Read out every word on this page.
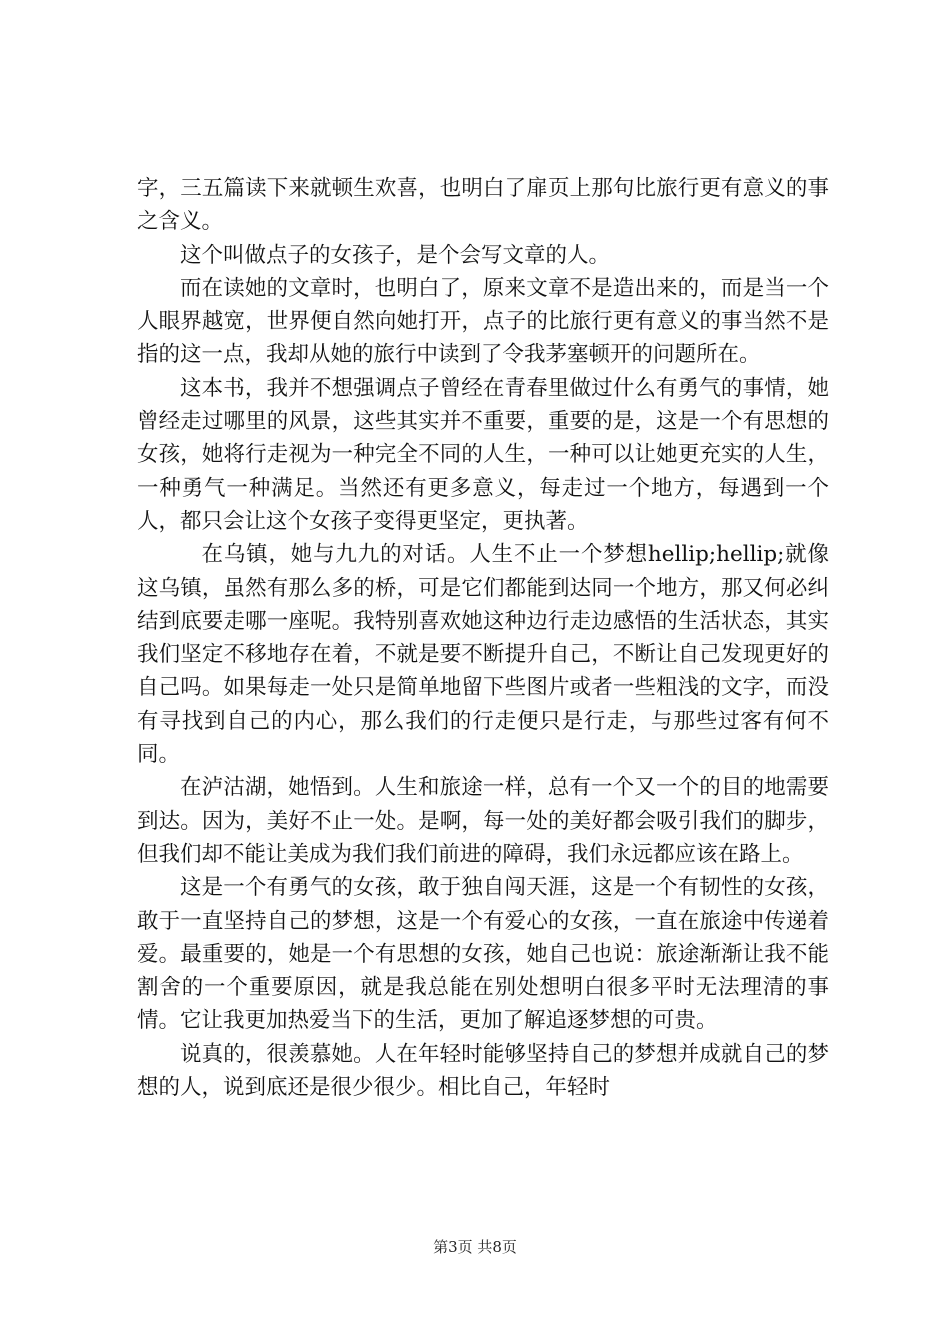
字，三五篇读下来就顿生欢喜，也明白了扉页上那句比旅行更有意义的事之含义。

这个叫做点子的女孩子，是个会写文章的人。

而在读她的文章时，也明白了，原来文章不是造出来的，而是当一个人眼界越宽，世界便自然向她打开，点子的比旅行更有意义的事当然不是指的这一点，我却从她的旅行中读到了令我茅塞顿开的问题所在。

这本书，我并不想强调点子曾经在青春里做过什么有勇气的事情，她曾经走过哪里的风景，这些其实并不重要，重要的是，这是一个有思想的女孩，她将行走视为一种完全不同的人生，一种可以让她更充实的人生，一种勇气一种满足。当然还有更多意义，每走过一个地方，每遇到一个人，都只会让这个女孩子变得更坚定，更执著。

在乌镇，她与九九的对话。人生不止一个梦想hellip;hellip;就像这乌镇，虽然有那么多的桥，可是它们都能到达同一个地方，那又何必纠结到底要走哪一座呢。我特别喜欢她这种边行走边感悟的生活状态，其实我们坚定不移地存在着，不就是要不断提升自己，不断让自己发现更好的自己吗。如果每走一处只是简单地留下些图片或者一些粗浅的文字，而没有寻找到自己的内心，那么我们的行走便只是行走，与那些过客有何不同。

在泸沽湖，她悟到。人生和旅途一样，总有一个又一个的目的地需要到达。因为，美好不止一处。是啊，每一处的美好都会吸引我们的脚步，但我们却不能让美成为我们我们前进的障碍，我们永远都应该在路上。

这是一个有勇气的女孩，敢于独自闯天涯，这是一个有韧性的女孩，敢于一直坚持自己的梦想，这是一个有爱心的女孩，一直在旅途中传递着爱。最重要的，她是一个有思想的女孩，她自己也说：旅途渐渐让我不能割舍的一个重要原因，就是我总能在别处想明白很多平时无法理清的事情。它让我更加热爱当下的生活，更加了解追逐梦想的可贵。

说真的，很羡慕她。人在年轻时能够坚持自己的梦想并成就自己的梦想的人，说到底还是很少很少。相比自己，年轻时

第3页 共8页
